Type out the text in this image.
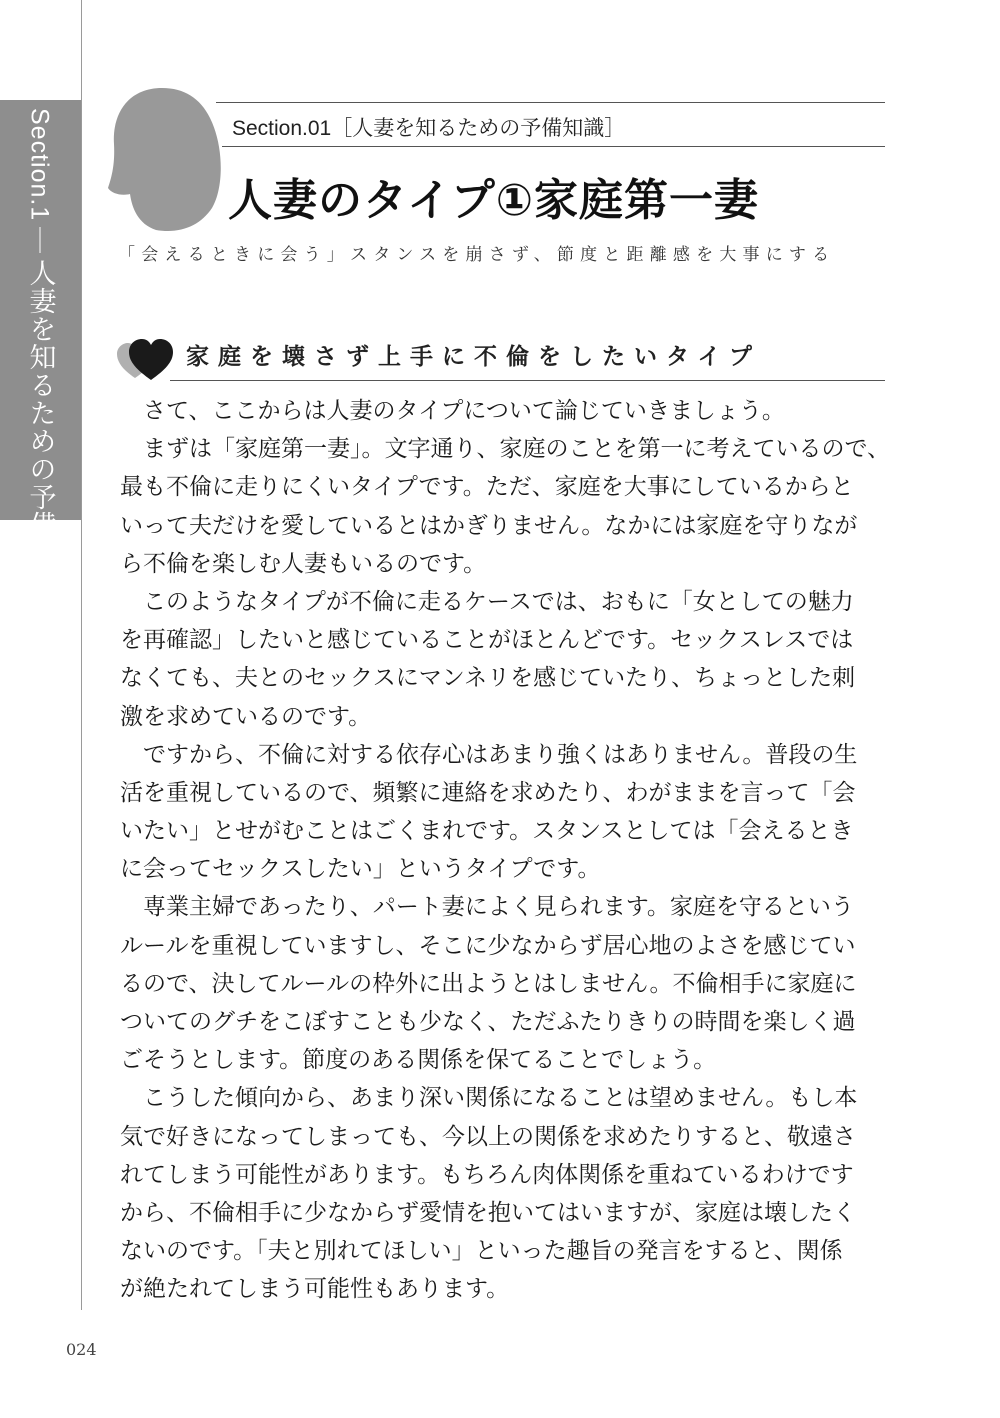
Section.1人妻を知るための予備知識
Section.01［人妻を知るための予備知識］
人妻のタイプ①家庭第一妻
「会えるときに会う」スタンスを崩さず、節度と距離感を大事にする
家庭を壊さず上手に不倫をしたいタイプ
　さて、ここからは人妻のタイプについて論じていきましょう。
　まずは「家庭第一妻」。文字通り、家庭のことを第一に考えているので、
最も不倫に走りにくいタイプです。ただ、家庭を大事にしているからと
いって夫だけを愛しているとはかぎりません。なかには家庭を守りなが
ら不倫を楽しむ人妻もいるのです。
　このようなタイプが不倫に走るケースでは、おもに「女としての魅力
を再確認」したいと感じていることがほとんどです。セックスレスでは
なくても、夫とのセックスにマンネリを感じていたり、ちょっとした刺
激を求めているのです。
　ですから、不倫に対する依存心はあまり強くはありません。普段の生
活を重視しているので、頻繁に連絡を求めたり、わがままを言って「会
いたい」とせがむことはごくまれです。スタンスとしては「会えるとき
に会ってセックスしたい」というタイプです。
　専業主婦であったり、パート妻によく見られます。家庭を守るという
ルールを重視していますし、そこに少なからず居心地のよさを感じてい
るので、決してルールの枠外に出ようとはしません。不倫相手に家庭に
ついてのグチをこぼすことも少なく、ただふたりきりの時間を楽しく過
ごそうとします。節度のある関係を保てることでしょう。
　こうした傾向から、あまり深い関係になることは望めません。もし本
気で好きになってしまっても、今以上の関係を求めたりすると、敬遠さ
れてしまう可能性があります。もちろん肉体関係を重ねているわけです
から、不倫相手に少なからず愛情を抱いてはいますが、家庭は壊したく
ないのです。「夫と別れてほしい」といった趣旨の発言をすると、関係
が絶たれてしまう可能性もあります。
024
